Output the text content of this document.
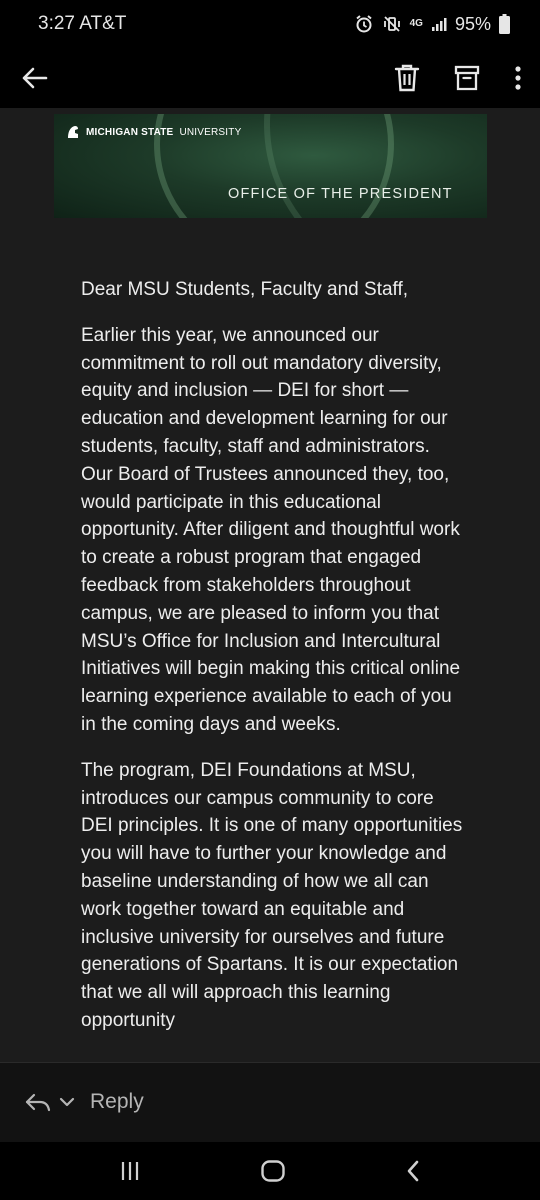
3:27 AT&T	4G 95%
MICHIGAN STATE UNIVERSITY
OFFICE OF THE PRESIDENT

Dear MSU Students, Faculty and Staff,

Earlier this year, we announced our commitment to roll out mandatory diversity, equity and inclusion — DEI for short — education and development learning for our students, faculty, staff and administrators. Our Board of Trustees announced they, too, would participate in this educational opportunity. After diligent and thoughtful work to create a robust program that engaged feedback from stakeholders throughout campus, we are pleased to inform you that MSU’s Office for Inclusion and Intercultural Initiatives will begin making this critical online learning experience available to each of you in the coming days and weeks.

The program, DEI Foundations at MSU, introduces our campus community to core DEI principles. It is one of many opportunities you will have to further your knowledge and baseline understanding of how we all can work together toward an equitable and inclusive university for ourselves and future generations of Spartans. It is our expectation that we all will approach this learning opportunity

Reply
